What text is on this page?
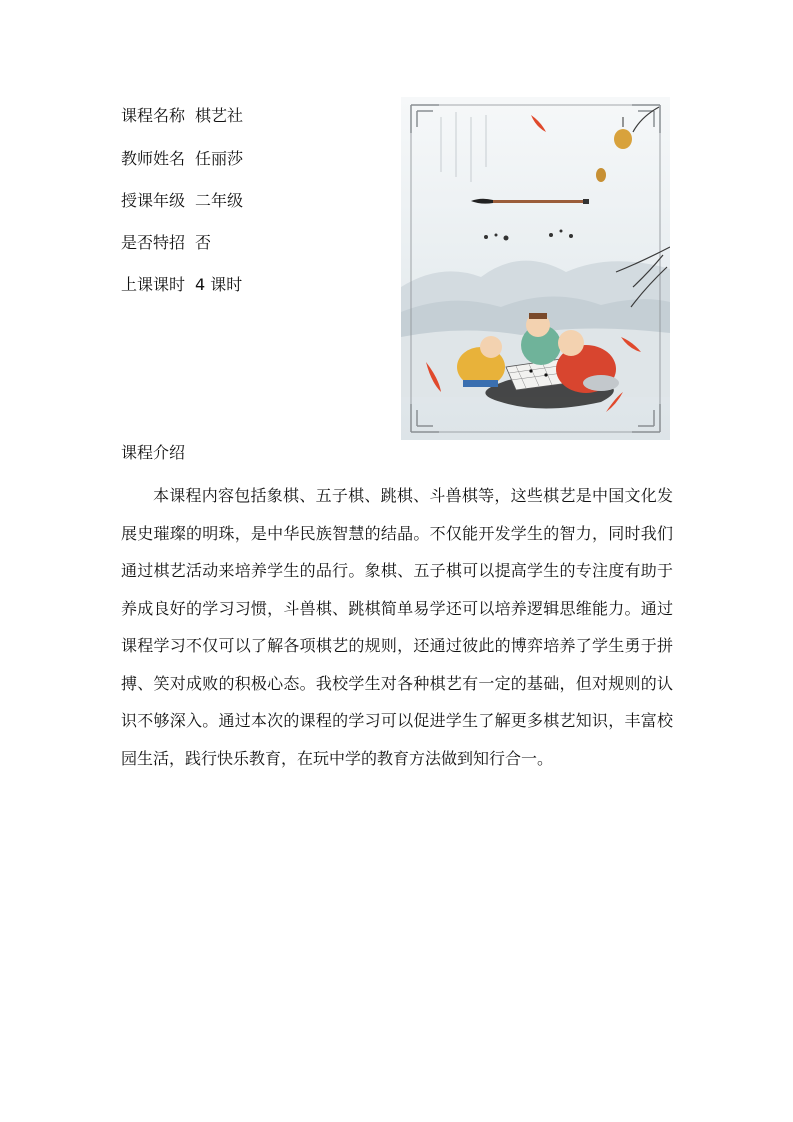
课程名称 棋艺社
教师姓名 任丽莎
授课年级 二年级
是否特招 否
上课课时 4 课时
课程介绍

本课程内容包括象棋、五子棋、跳棋、斗兽棋等，这些棋艺是中国文化发展史璀璨的明珠，是中华民族智慧的结晶。不仅能开发学生的智力，同时我们通过棋艺活动来培养学生的品行。象棋、五子棋可以提高学生的专注度有助于养成良好的学习习惯，斗兽棋、跳棋简单易学还可以培养逻辑思维能力。通过课程学习不仅可以了解各项棋艺的规则，还通过彼此的博弈培养了学生勇于拼搏、笑对成败的积极心态。我校学生对各种棋艺有一定的基础，但对规则的认识不够深入。通过本次的课程的学习可以促进学生了解更多棋艺知识，丰富校园生活，践行快乐教育，在玩中学的教育方法做到知行合一。
